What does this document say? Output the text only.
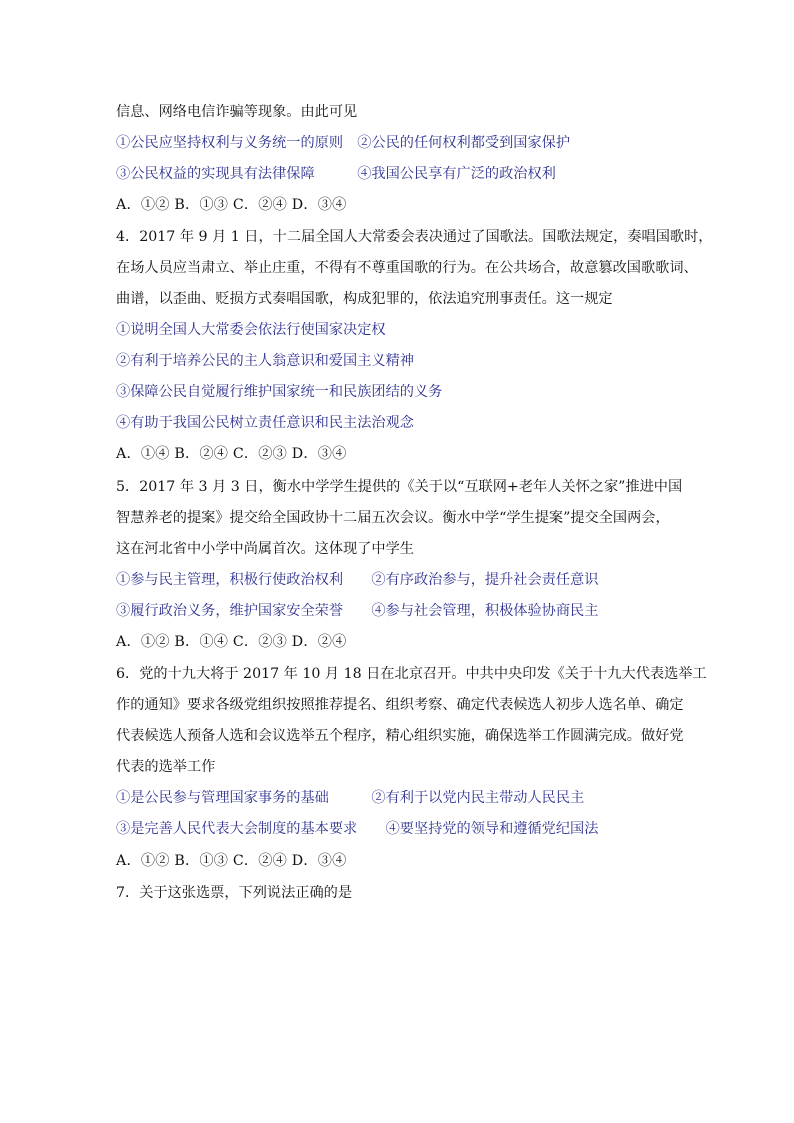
信息、网络电信诈骗等现象。由此可见
①公民应坚持权利与义务统一的原则　②公民的任何权利都受到国家保护
③公民权益的实现具有法律保障　　　④我国公民享有广泛的政治权利
A．①② B．①③ C．②④ D．③④
4．2017 年 9 月 1 日，十二届全国人大常委会表决通过了国歌法。国歌法规定，奏唱国歌时，
在场人员应当肃立、举止庄重，不得有不尊重国歌的行为。在公共场合，故意篡改国歌歌词、
曲谱，以歪曲、贬损方式奏唱国歌，构成犯罪的，依法追究刑事责任。这一规定
①说明全国人大常委会依法行使国家决定权
②有利于培养公民的主人翁意识和爱国主义精神
③保障公民自觉履行维护国家统一和民族团结的义务
④有助于我国公民树立责任意识和民主法治观念
A．①④ B．②④ C．②③ D．③④
5．2017 年 3 月 3 日，衡水中学学生提供的《关于以“互联网+老年人关怀之家”推进中国
智慧养老的提案》提交给全国政协十二届五次会议。衡水中学“学生提案”提交全国两会，
这在河北省中小学中尚属首次。这体现了中学生
①参与民主管理，积极行使政治权利　　②有序政治参与，提升社会责任意识
③履行政治义务，维护国家安全荣誉　　④参与社会管理，积极体验协商民主
A．①② B．①④ C．②③ D．②④
6．党的十九大将于 2017 年 10 月 18 日在北京召开。中共中央印发《关于十九大代表选举工
作的通知》要求各级党组织按照推荐提名、组织考察、确定代表候选人初步人选名单、确定
代表候选人预备人选和会议选举五个程序，精心组织实施，确保选举工作圆满完成。做好党
代表的选举工作
①是公民参与管理国家事务的基础　　　②有利于以党内民主带动人民民主
③是完善人民代表大会制度的基本要求　　④要坚持党的领导和遵循党纪国法
A．①② B．①③ C．②④ D．③④
7．关于这张选票，下列说法正确的是
